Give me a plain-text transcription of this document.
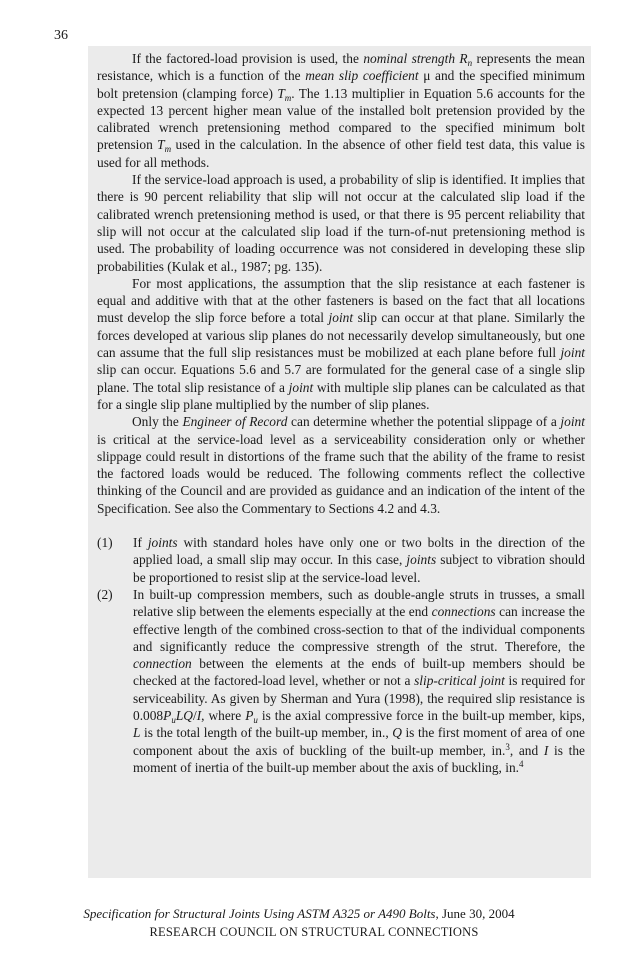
36

If the factored-load provision is used, the nominal strength $R_n$ represents the mean resistance, which is a function of the mean slip coefficient μ and the specified minimum bolt pretension (clamping force) $T_m$. The 1.13 multiplier in Equation 5.6 accounts for the expected 13 percent higher mean value of the installed bolt pretension provided by the calibrated wrench pretensioning method compared to the specified minimum bolt pretension $T_m$ used in the calculation. In the absence of other field test data, this value is used for all methods.

If the service-load approach is used, a probability of slip is identified. It implies that there is 90 percent reliability that slip will not occur at the calculated slip load if the calibrated wrench pretensioning method is used, or that there is 95 percent reliability that slip will not occur at the calculated slip load if the turn-of-nut pretensioning method is used. The probability of loading occurrence was not considered in developing these slip probabilities (Kulak et al., 1987; pg. 135).

For most applications, the assumption that the slip resistance at each fastener is equal and additive with that at the other fasteners is based on the fact that all locations must develop the slip force before a total joint slip can occur at that plane. Similarly the forces developed at various slip planes do not necessarily develop simultaneously, but one can assume that the full slip resistances must be mobilized at each plane before full joint slip can occur. Equations 5.6 and 5.7 are formulated for the general case of a single slip plane. The total slip resistance of a joint with multiple slip planes can be calculated as that for a single slip plane multiplied by the number of slip planes.

Only the Engineer of Record can determine whether the potential slippage of a joint is critical at the service-load level as a serviceability consideration only or whether slippage could result in distortions of the frame such that the ability of the frame to resist the factored loads would be reduced. The following comments reflect the collective thinking of the Council and are provided as guidance and an indication of the intent of the Specification. See also the Commentary to Sections 4.2 and 4.3.

(1)	If joints with standard holes have only one or two bolts in the direction of the applied load, a small slip may occur. In this case, joints subject to vibration should be proportioned to resist slip at the service-load level.
(2)	In built-up compression members, such as double-angle struts in trusses, a small relative slip between the elements especially at the end connections can increase the effective length of the combined cross-section to that of the individual components and significantly reduce the compressive strength of the strut. Therefore, the connection between the elements at the ends of built-up members should be checked at the factored-load level, whether or not a slip-critical joint is required for serviceability. As given by Sherman and Yura (1998), the required slip resistance is $0.008P_uLQ/I$, where $P_u$ is the axial compressive force in the built-up member, kips, L is the total length of the built-up member, in., Q is the first moment of area of one component about the axis of buckling of the built-up member, in.$^3$, and I is the moment of inertia of the built-up member about the axis of buckling, in.$^4$
Specification for Structural Joints Using ASTM A325 or A490 Bolts, June 30, 2004
RESEARCH COUNCIL ON STRUCTURAL CONNECTIONS
